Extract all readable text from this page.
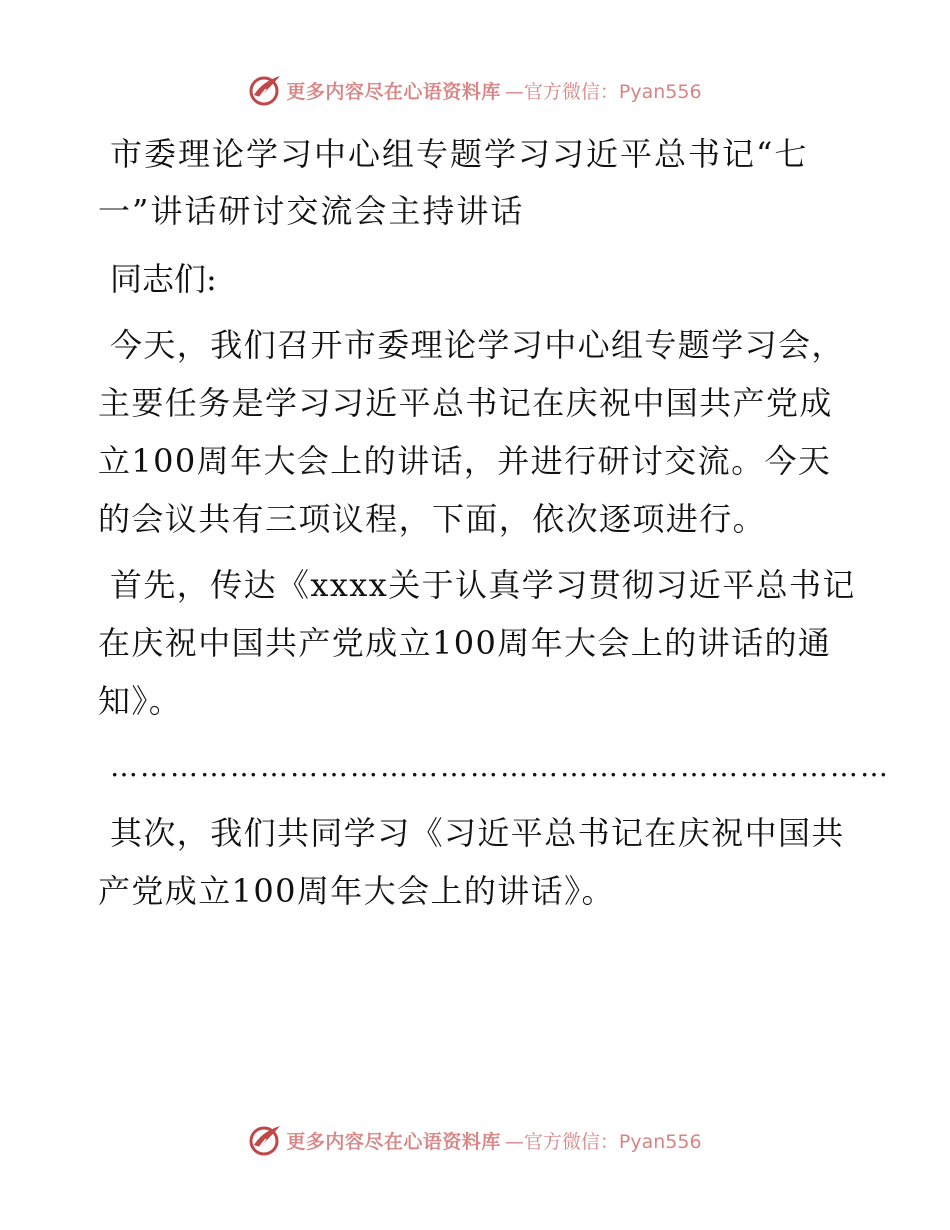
更多内容尽在心语资料库 —官方微信：Pyan556
市委理论学习中心组专题学习习近平总书记“七
一”讲话研讨交流会主持讲话

同志们:

今天，我们召开市委理论学习中心组专题学习会，主要任务是学习习近平总书记在庆祝中国共产党成立100周年大会上的讲话，并进行研讨交流。今天的会议共有三项议程，下面，依次逐项进行。

首先，传达《xxxx关于认真学习贯彻习近平总书记在庆祝中国共产党成立100周年大会上的讲话的通知》。

……………………………………………………………………

其次，我们共同学习《习近平总书记在庆祝中国共产党成立100周年大会上的讲话》。

更多内容尽在心语资料库 —官方微信：Pyan556
